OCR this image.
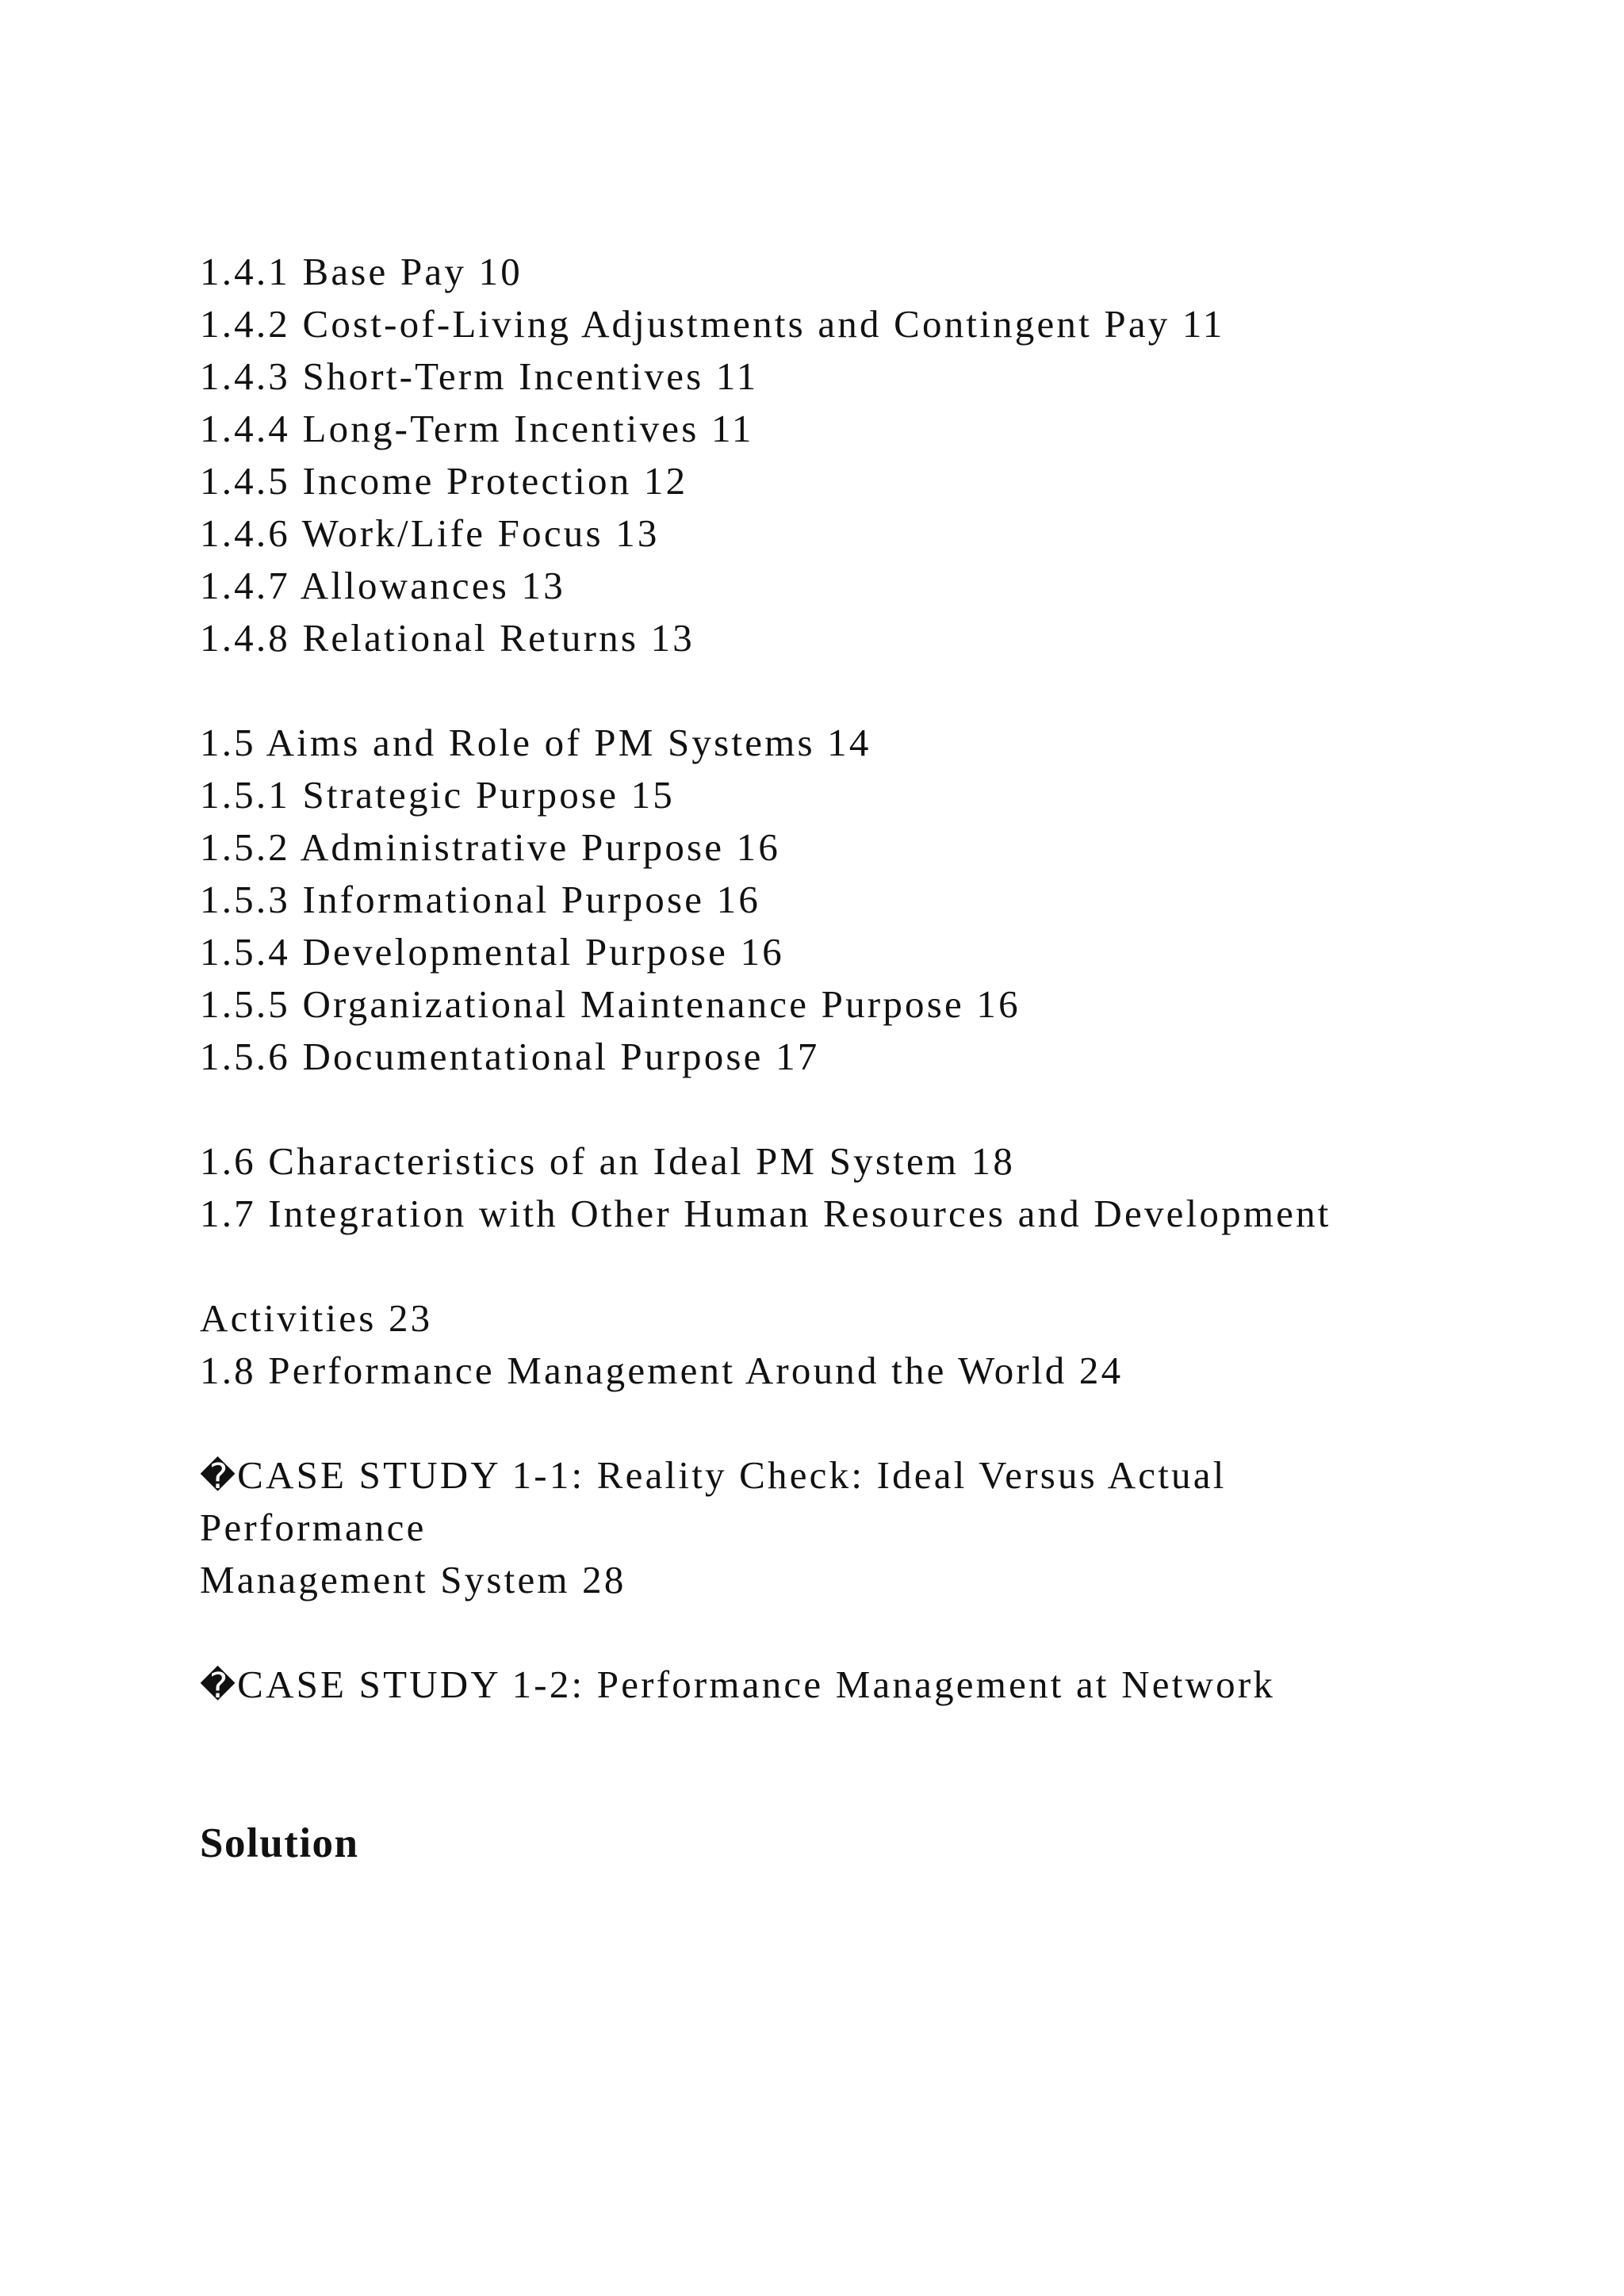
1.4.1 Base Pay 10
1.4.2 Cost-of-Living Adjustments and Contingent Pay 11
1.4.3 Short-Term Incentives 11
1.4.4 Long-Term Incentives 11
1.4.5 Income Protection 12
1.4.6 Work/Life Focus 13
1.4.7 Allowances 13
1.4.8 Relational Returns 13
1.5 Aims and Role of PM Systems 14
1.5.1 Strategic Purpose 15
1.5.2 Administrative Purpose 16
1.5.3 Informational Purpose 16
1.5.4 Developmental Purpose 16
1.5.5 Organizational Maintenance Purpose 16
1.5.6 Documentational Purpose 17
1.6 Characteristics of an Ideal PM System 18
1.7 Integration with Other Human Resources and Development
Activities 23
1.8 Performance Management Around the World 24
�CASE STUDY 1-1: Reality Check: Ideal Versus Actual
Performance
Management System 28
�CASE STUDY 1-2: Performance Management at Network
Solution
